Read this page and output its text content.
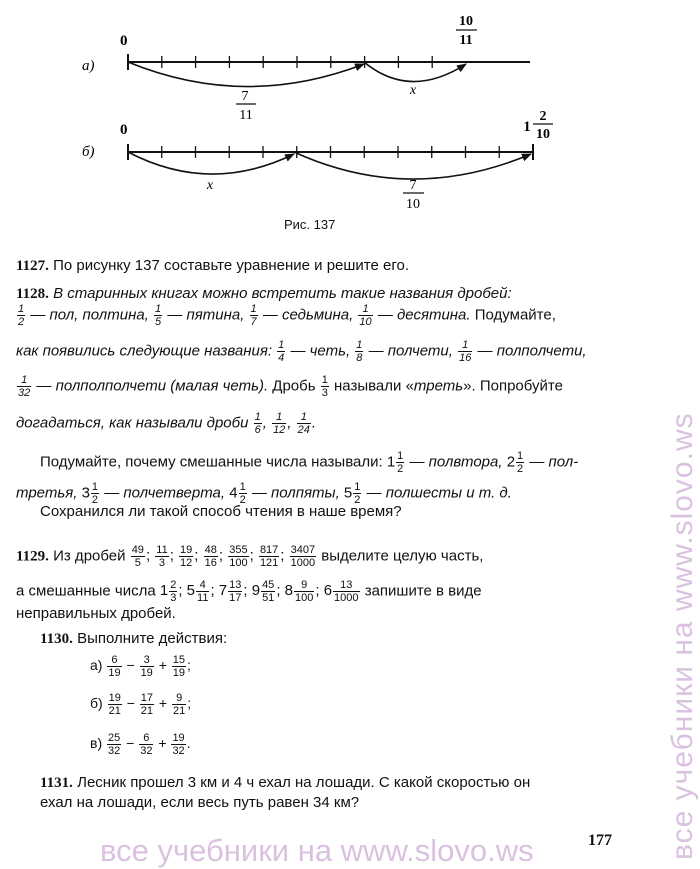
а)
0
10
11
7
11
x
б)
0	1
2
10
x	7
10
Рис. 137
1127. По рисунку 137 составьте уравнение и решите его.
1128. В старинных книгах можно встретить такие названия дробей:
$\frac{1}{2}$ — пол, полтина, $\frac{1}{5}$ — пятина, $\frac{1}{7}$ — седьмина, $\frac{1}{10}$ — десятина. Подумайте,
как появились следующие названия: $\frac{1}{4}$ — четь, $\frac{1}{8}$ — полчети, $\frac{1}{16}$ — полполчети,
$\frac{1}{32}$ — полполполчети (малая четь). Дробь $\frac{1}{3}$ называли «треть». Попробуйте
догадаться, как называли дроби $\frac{1}{6}$ , $\frac{1}{12}$ , $\frac{1}{24}$ .
Подумайте, почему смешанные числа называли: $1 \frac{1}{2}$ — полвтора, $2 \frac{1}{2}$ — пол-
третья, $3 \frac{1}{2}$ — полчетверта, $4 \frac{1}{2}$ — полпяты, $5 \frac{1}{2}$ — полшесты и т. д.
Сохранился ли такой способ чтения в наше время?
1129. Из дробей $\frac{49}{5}$ ; $\frac{11}{3}$ ; $\frac{19}{12}$ ; $\frac{48}{16}$ ; $\frac{355}{100}$ ; $\frac{817}{121}$ ; $\frac{3407}{1000}$ выделите целую часть,
а смешанные числа $1 \frac{2}{3}$ ; $5 \frac{4}{11}$ ; $7 \frac{13}{17}$ ; $9 \frac{45}{51}$ ; $8 \frac{9}{100}$ ; $6 \frac{13}{1000}$ запишите в виде
неправильных дробей.
1130. Выполните действия:
$а) \frac{6}{19} - \frac{3}{19} + \frac{15}{19}$ ;
$б) \frac{19}{21} - \frac{17}{21} + \frac{9}{21}$ ;
$в) \frac{25}{32} - \frac{6}{32} + \frac{19}{32}$ .
1131. Лесник прошел 3 км и 4 ч ехал на лошади. С какой скоростью он
ехал на лошади, если весь путь равен 34 км?
177 все учебники на www.slovo.ws
все учебники на www.slovo.ws
